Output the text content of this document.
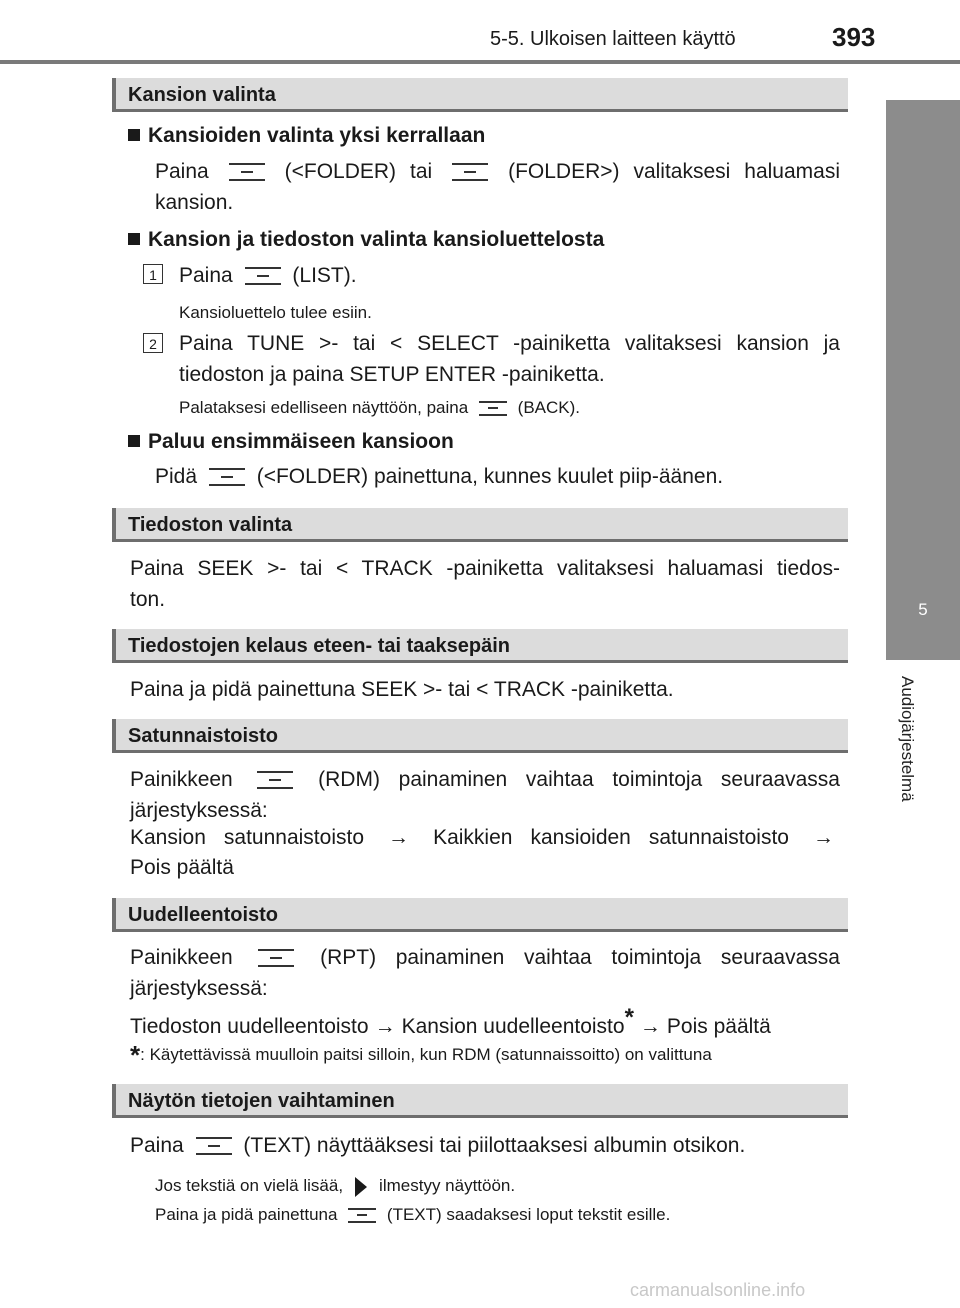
5-5. Ulkoisen laitteen käyttö	393
5
Audiojärjestelmä
Kansion valinta
Kansioiden valinta yksi kerrallaan
Paina	(<FOLDER) tai	(FOLDER>) valitaksesi haluamasi
kansion.
Kansion ja tiedoston valinta kansioluettelosta
1 Paina	(LIST).
Kansioluettelo tulee esiin.
2 Paina TUNE >- tai < SELECT -painiketta valitaksesi kansion ja
tiedoston ja paina SETUP ENTER -painiketta.
Palataksesi edelliseen näyttöön, paina	(BACK).
Paluu ensimmäiseen kansioon
Pidä	(<FOLDER) painettuna, kunnes kuulet piip-äänen.
Tiedoston valinta
Paina SEEK >- tai < TRACK -painiketta valitaksesi haluamasi tiedos-
ton.
Tiedostojen kelaus eteen- tai taaksepäin
Paina ja pidä painettuna SEEK >- tai < TRACK -painiketta.
Satunnaistoisto
Painikkeen	(RDM) painaminen vaihtaa toimintoja seuraavassa
järjestyksessä:
Kansion satunnaistoisto → Kaikkien kansioiden satunnaistoisto →
Pois päältä
Uudelleentoisto
Painikkeen	(RPT) painaminen vaihtaa toimintoja seuraavassa
järjestyksessä:
Tiedoston uudelleentoisto → Kansion uudelleentoisto* → Pois päältä
*: Käytettävissä muulloin paitsi silloin, kun RDM (satunnaissoitto) on valittuna
Näytön tietojen vaihtaminen
Paina	(TEXT) näyttääksesi tai piilottaaksesi albumin otsikon.
Jos tekstiä on vielä lisää, ilmestyy näyttöön.
Paina ja pidä painettuna	(TEXT) saadaksesi loput tekstit esille.
carmanualsonline.info
